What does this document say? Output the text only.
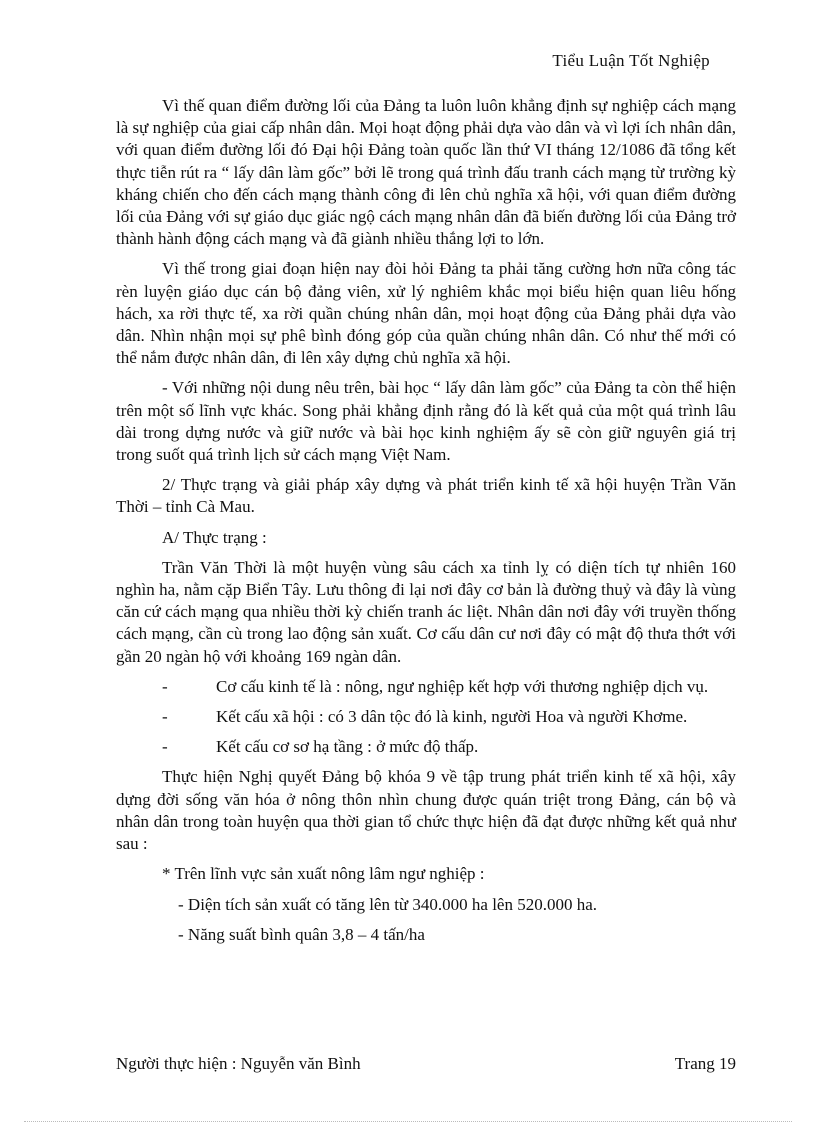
Tiểu Luận Tốt Nghiệp

Vì thế quan điểm đường lối của Đảng ta luôn luôn khẳng định sự nghiệp cách mạng là sự nghiệp của giai cấp nhân dân. Mọi hoạt động phải dựa vào dân và vì lợi ích nhân dân, với quan điểm đường lối đó Đại hội Đảng toàn quốc lần thứ VI tháng 12/1086 đã tổng kết thực tiễn rút ra “ lấy dân làm gốc” bởi lẽ trong quá trình đấu tranh cách mạng từ trường kỳ kháng chiến cho đến cách mạng thành công đi lên chủ nghĩa xã hội, với quan điểm đường lối của Đảng với sự giáo dục giác ngộ cách mạng nhân dân đã biến đường lối của Đảng trở thành hành động cách mạng và đã giành nhiều thắng lợi to lớn.

Vì thế trong giai đoạn hiện nay đòi hỏi Đảng ta phải tăng cường hơn nữa công tác rèn luyện giáo dục cán bộ đảng viên, xử lý nghiêm khắc mọi biểu hiện quan liêu hống hách, xa rời thực tế, xa rời quần chúng nhân dân, mọi hoạt động của Đảng phải dựa vào dân. Nhìn nhận mọi sự phê bình đóng góp của quần chúng nhân dân. Có như thế mới có thể nắm được nhân dân, đi lên xây dựng chủ nghĩa xã hội.

- Với những nội dung nêu trên, bài học “ lấy dân làm gốc” của Đảng ta còn thể hiện trên một số lĩnh vực khác. Song phải khẳng định rằng đó là kết quả của một quá trình lâu dài trong dựng nước và giữ nước và bài học kinh nghiệm ấy sẽ còn giữ nguyên giá trị trong suốt quá trình lịch sử cách mạng Việt Nam.

2/ Thực trạng và giải pháp xây dựng và phát triển kinh tế xã hội huyện Trần Văn Thời – tỉnh Cà Mau.

A/ Thực trạng :

Trần Văn Thời là một huyện vùng sâu cách xa tỉnh lỵ có diện tích tự nhiên 160 nghìn ha, nằm cặp Biển Tây. Lưu thông đi lại nơi đây cơ bản là đường thuỷ và đây là vùng căn cứ cách mạng qua nhiều thời kỳ chiến tranh ác liệt. Nhân dân nơi đây với truyền thống cách mạng, cần cù trong lao động sản xuất. Cơ cấu dân cư nơi đây có mật độ thưa thớt với gần 20 ngàn hộ với khoảng 169 ngàn dân.

-	Cơ cấu kinh tế là : nông, ngư nghiệp kết hợp với thương nghiệp dịch vụ.

-	Kết cấu xã hội : có 3 dân tộc đó là kinh, người Hoa và người Khơme.

-	Kết cấu cơ sơ hạ tầng : ở mức độ thấp.

Thực hiện Nghị quyết Đảng bộ khóa 9 về tập trung phát triển kinh tế xã hội, xây dựng đời sống văn hóa ở nông thôn nhìn chung được quán triệt trong Đảng, cán bộ và nhân dân trong toàn huyện qua thời gian tổ chức thực hiện đã đạt được những kết quả như sau :

* Trên lĩnh vực sản xuất nông lâm ngư nghiệp :

- Diện tích sản xuất có tăng lên từ 340.000 ha lên 520.000 ha.

- Năng suất bình quân 3,8 – 4 tấn/ha

Người thực hiện : Nguyễn văn Bình	Trang 19
